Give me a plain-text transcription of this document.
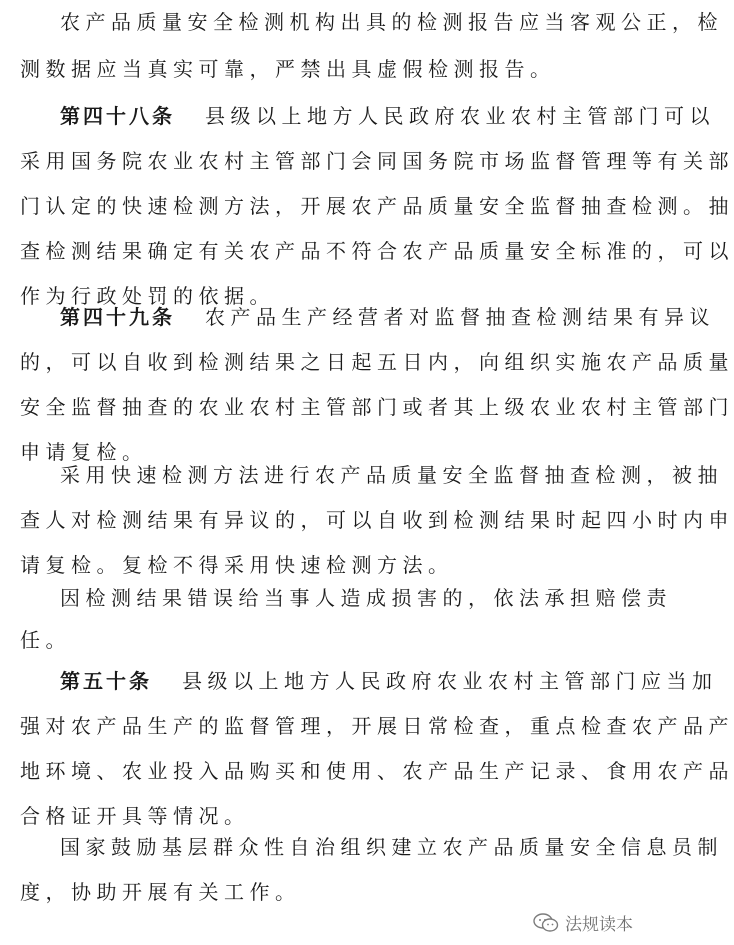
农产品质量安全检测机构出具的检测报告应当客观公正，检
测数据应当真实可靠，严禁出具虚假检测报告。
第四十八条 县级以上地方人民政府农业农村主管部门可以
采用国务院农业农村主管部门会同国务院市场监督管理等有关部
门认定的快速检测方法，开展农产品质量安全监督抽查检测。抽
查检测结果确定有关农产品不符合农产品质量安全标准的，可以
作为行政处罚的依据。
第四十九条 农产品生产经营者对监督抽查检测结果有异议
的，可以自收到检测结果之日起五日内，向组织实施农产品质量
安全监督抽查的农业农村主管部门或者其上级农业农村主管部门
申请复检。
采用快速检测方法进行农产品质量安全监督抽查检测，被抽
查人对检测结果有异议的，可以自收到检测结果时起四小时内申
请复检。复检不得采用快速检测方法。
因检测结果错误给当事人造成损害的，依法承担赔偿责
任。
第五十条 县级以上地方人民政府农业农村主管部门应当加
强对农产品生产的监督管理，开展日常检查，重点检查农产品产
地环境、农业投入品购买和使用、农产品生产记录、食用农产品
合格证开具等情况。
国家鼓励基层群众性自治组织建立农产品质量安全信息员制
度，协助开展有关工作。
法规读本
